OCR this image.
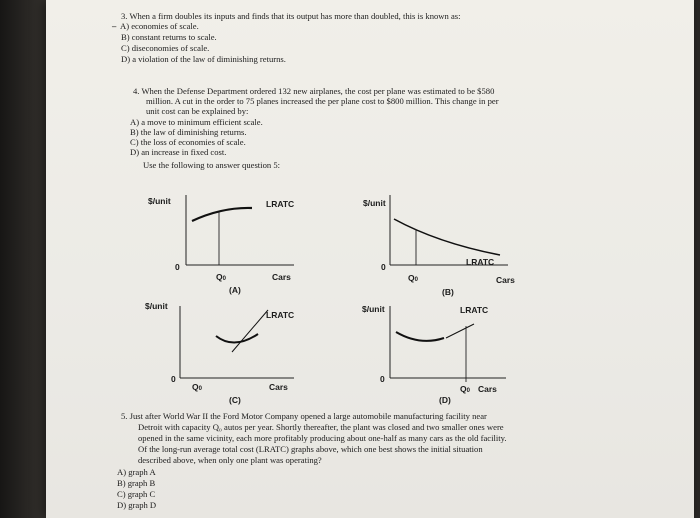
3. When a firm doubles its inputs and finds that its output has more than doubled, this is known as:
– A) economies of scale.
B) constant returns to scale.
C) diseconomies of scale.
D) a violation of the law of diminishing returns.
4. When the Defense Department ordered 132 new airplanes, the cost per plane was estimated to be $580
million. A cut in the order to 75 planes increased the per plane cost to $800 million. This change in per
unit cost can be explained by:
A) a move to minimum efficient scale.
B) the law of diminishing returns.
C) the loss of economies of scale.
D) an increase in fixed cost.
Use the following to answer question 5:
$/unit	LRATC
0
Q0	Cars
(A)
$/unit
LRATC
0
Q0	Cars
(B)
$/unit
LRATC
0
Q0	Cars
(C)
$/unit	LRATC
0
Q0 Cars
(D)
5. Just after World War II the Ford Motor Company opened a large automobile manufacturing facility near
Detroit with capacity Q₀ autos per year. Shortly thereafter, the plant was closed and two smaller ones were
opened in the same vicinity, each more profitably producing about one-half as many cars as the old facility.
Of the long-run average total cost (LRATC) graphs above, which one best shows the initial situation
described above, when only one plant was operating?
A) graph A
B) graph B
C) graph C
D) graph D
